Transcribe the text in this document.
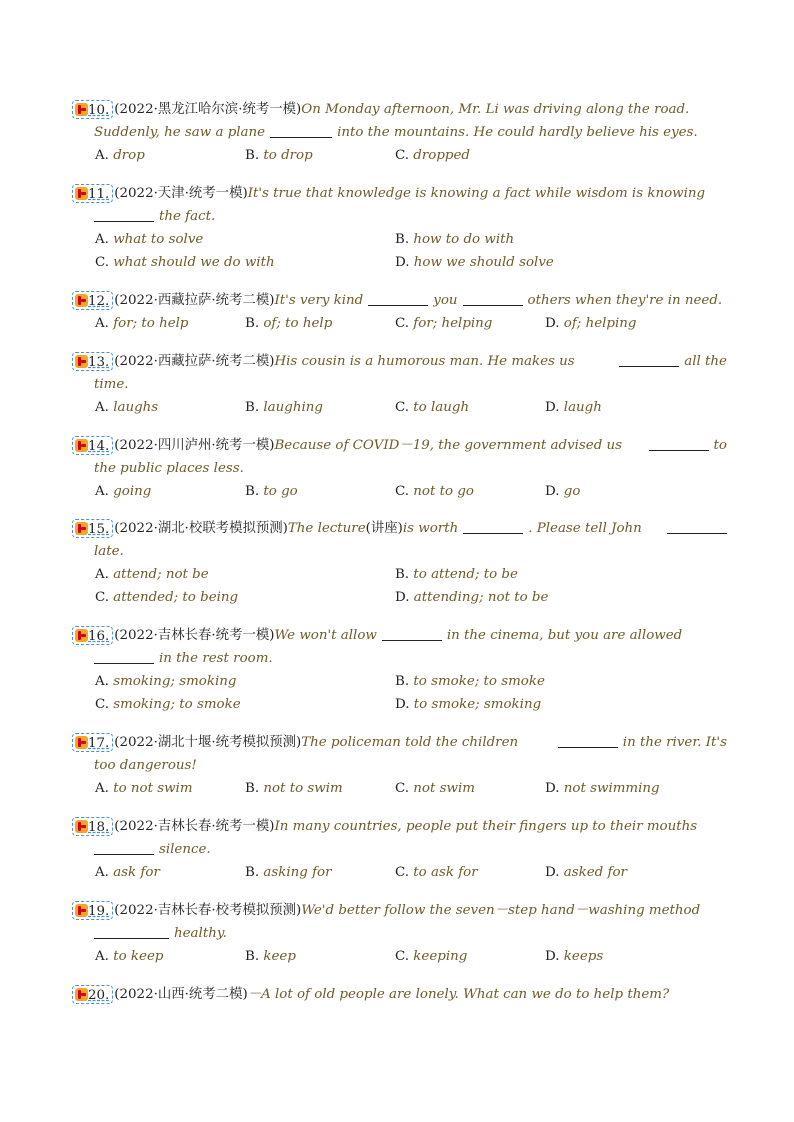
10. (2022·黑龙江哈尔滨·统考一模)On Monday afternoon, Mr. Li was driving along the road.
Suddenly, he saw a plane	into the mountains. He could hardly believe his eyes.
A. drop	B. to drop	C. dropped
11. (2022·天津·统考一模)It's true that knowledge is knowing a fact while wisdom is knowing
the fact.
A. what to solve	B. how to do with
C. what should we do with	D. how we should solve
12. (2022·西藏拉萨·统考二模)It's very kind	you	others when they're in need.
A. for; to help	B. of; to help	C. for; helping	D. of; helping
13. (2022·西藏拉萨·统考二模)His cousin is a humorous man. He makes us	all the
time.
A. laughs	B. laughing	C. to laugh	D. laugh
14. (2022·四川泸州·统考一模)Because of COVID－19, the government advised us	to
the public places less.
A. going	B. to go	C. not to go	D. go
15. (2022·湖北·校联考模拟预测)The lecture(讲座)is worth	. Please tell John
late.
A. attend; not be	B. to attend; to be
C. attended; to being	D. attending; not to be
16. (2022·吉林长春·统考一模)We won't allow	in the cinema, but you are allowed
in the rest room.
A. smoking; smoking	B. to smoke; to smoke
C. smoking; to smoke	D. to smoke; smoking
17. (2022·湖北十堰·统考模拟预测)The policeman told the children	in the river. It's
too dangerous!
A. to not swim	B. not to swim	C. not swim	D. not swimming
18. (2022·吉林长春·统考一模)In many countries, people put their fingers up to their mouths
silence.
A. ask for	B. asking for	C. to ask for	D. asked for
19. (2022·吉林长春·校考模拟预测)We'd better follow the seven－step hand－washing method
healthy.
A. to keep	B. keep	C. keeping	D. keeps
20. (2022·山西·统考二模)－A lot of old people are lonely. What can we do to help them?
